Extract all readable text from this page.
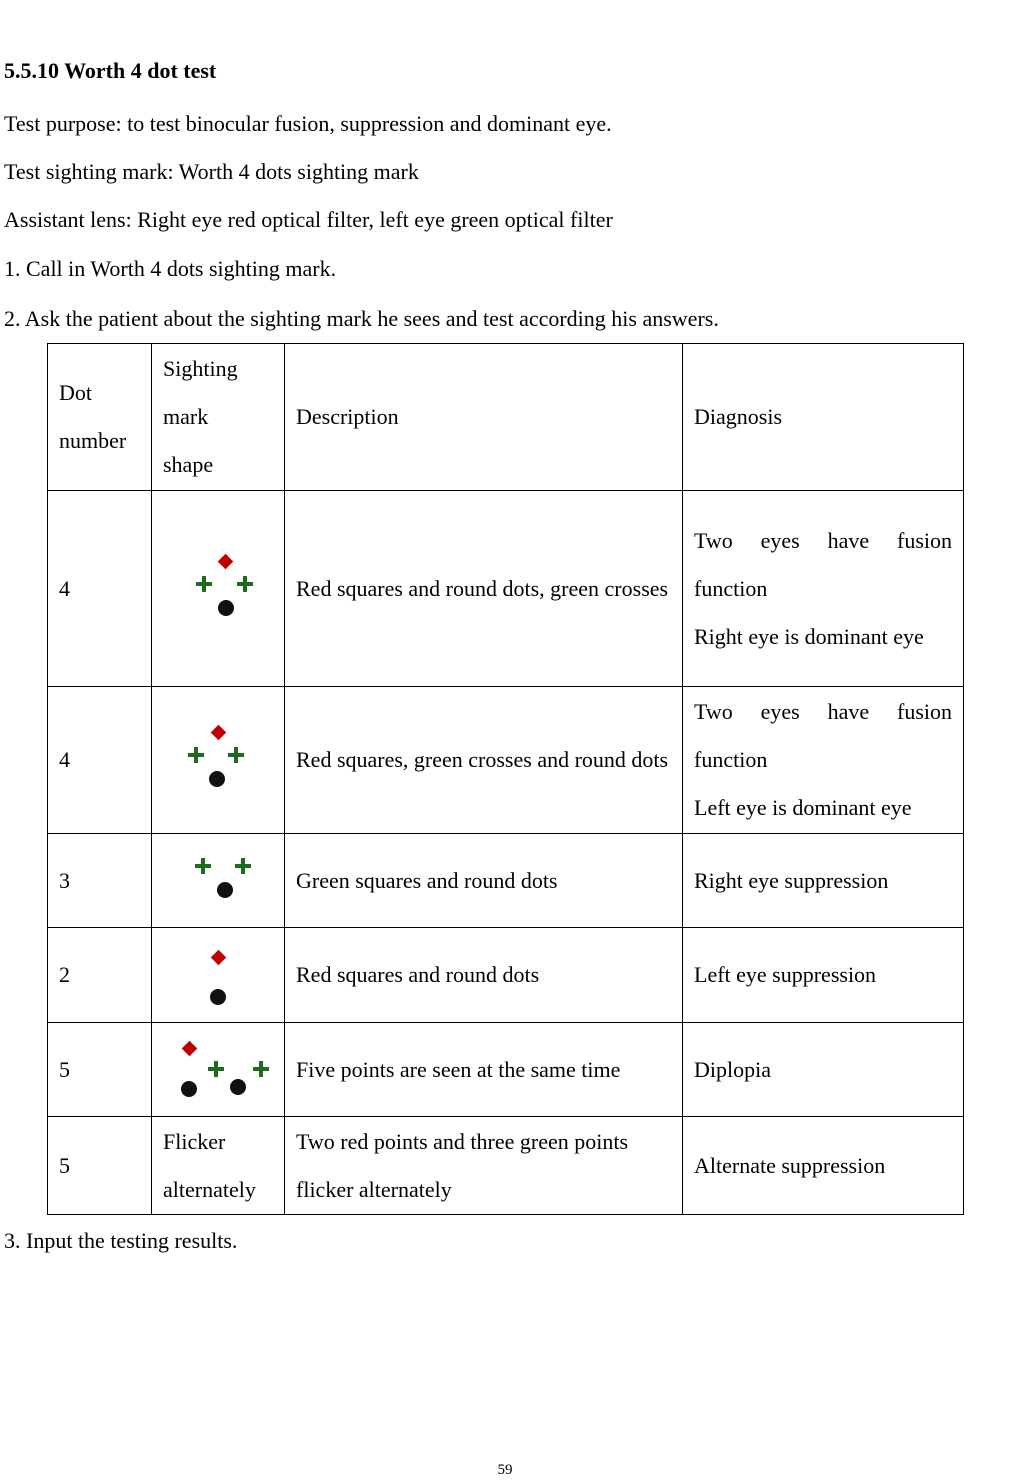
5.5.10 Worth 4 dot test
Test purpose: to test binocular fusion, suppression and dominant eye.
Test sighting mark: Worth 4 dots sighting mark
Assistant lens: Right eye red optical filter, left eye green optical filter
1. Call in Worth 4 dots sighting mark.
2. Ask the patient about the sighting mark he sees and test according his answers.
Dot
number	Sighting
mark
shape	Description	Diagnosis
4		Red squares and round dots, green crosses	Two eyes have fusion function
Right eye is dominant eye

4		Red squares, green crosses and round dots	Two eyes have fusion function
Left eye is dominant eye

3		Green squares and round dots	Right eye suppression
2		Red squares and round dots	Left eye suppression
5		Five points are seen at the same time	Diplopia
5	Flicker
alternately	Two red points and three green points flicker alternately	Alternate suppression
3. Input the testing results.
59
